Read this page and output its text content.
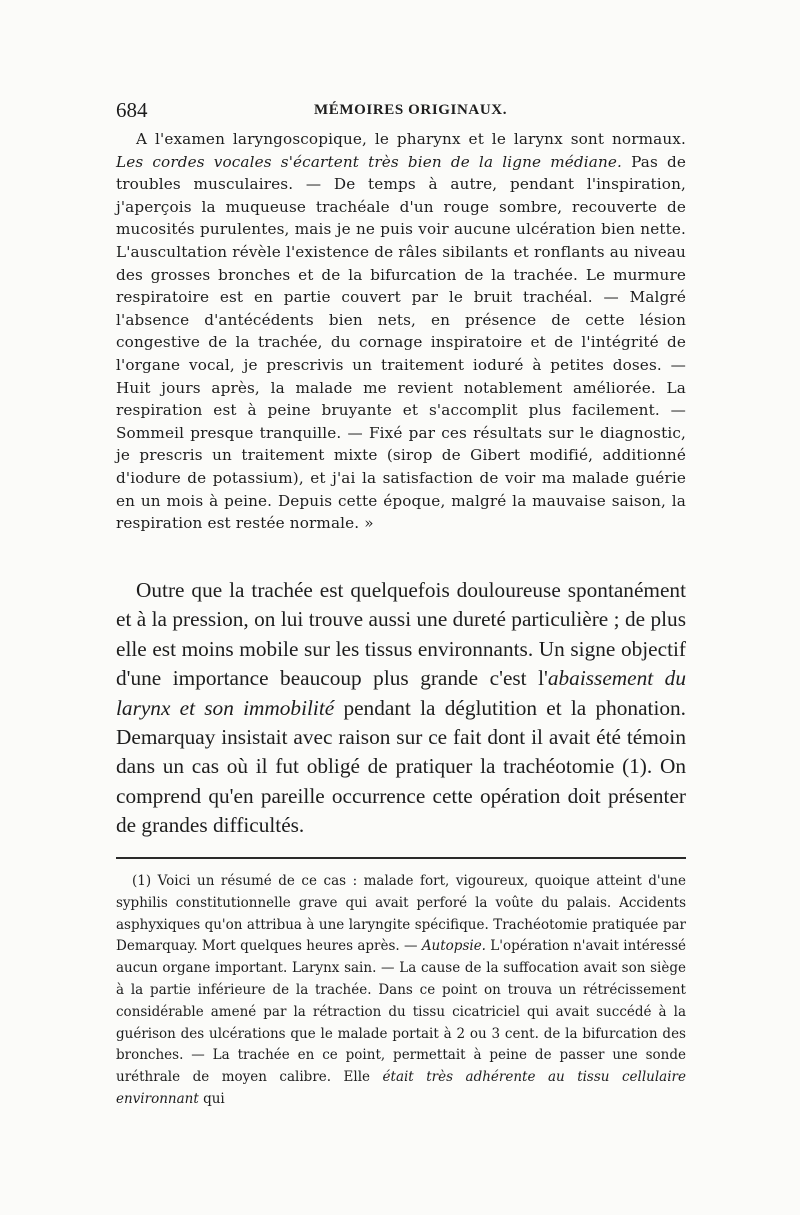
684	MÉMOIRES ORIGINAUX.

A l'examen laryngoscopique, le pharynx et le larynx sont normaux. Les cordes vocales s'écartent très bien de la ligne médiane. Pas de troubles musculaires. — De temps à autre, pendant l'inspiration, j'aperçois la muqueuse trachéale d'un rouge sombre, recouverte de mucosités purulentes, mais je ne puis voir aucune ulcération bien nette. L'auscultation révèle l'existence de râles sibilants et ronflants au niveau des grosses bronches et de la bifurcation de la trachée. Le murmure respiratoire est en partie couvert par le bruit trachéal. — Malgré l'absence d'antécédents bien nets, en présence de cette lésion congestive de la trachée, du cornage inspiratoire et de l'intégrité de l'organe vocal, je prescrivis un traitement ioduré à petites doses. — Huit jours après, la malade me revient notablement améliorée. La respiration est à peine bruyante et s'accomplit plus facilement. — Sommeil presque tranquille. — Fixé par ces résultats sur le diagnostic, je prescris un traitement mixte (sirop de Gibert modifié, additionné d'iodure de potassium), et j'ai la satisfaction de voir ma malade guérie en un mois à peine. Depuis cette époque, malgré la mauvaise saison, la respiration est restée normale. »

Outre que la trachée est quelquefois douloureuse spontanément et à la pression, on lui trouve aussi une dureté particulière ; de plus elle est moins mobile sur les tissus environnants. Un signe objectif d'une importance beaucoup plus grande c'est l'abaissement du larynx et son immobilité pendant la déglutition et la phonation. Demarquay insistait avec raison sur ce fait dont il avait été témoin dans un cas où il fut obligé de pratiquer la trachéotomie (1). On comprend qu'en pareille occurrence cette opération doit présenter de grandes difficultés.

(1) Voici un résumé de ce cas : malade fort, vigoureux, quoique atteint d'une syphilis constitutionnelle grave qui avait perforé la voûte du palais. Accidents asphyxiques qu'on attribua à une laryngite spécifique. Trachéotomie pratiquée par Demarquay. Mort quelques heures après. — Autopsie. L'opération n'avait intéressé aucun organe important. Larynx sain. — La cause de la suffocation avait son siège à la partie inférieure de la trachée. Dans ce point on trouva un rétrécissement considérable amené par la rétraction du tissu cicatriciel qui avait succédé à la guérison des ulcérations que le malade portait à 2 ou 3 cent. de la bifurcation des bronches. — La trachée en ce point, permettait à peine de passer une sonde uréthrale de moyen calibre. Elle était très adhérente au tissu cellulaire environnant qui
